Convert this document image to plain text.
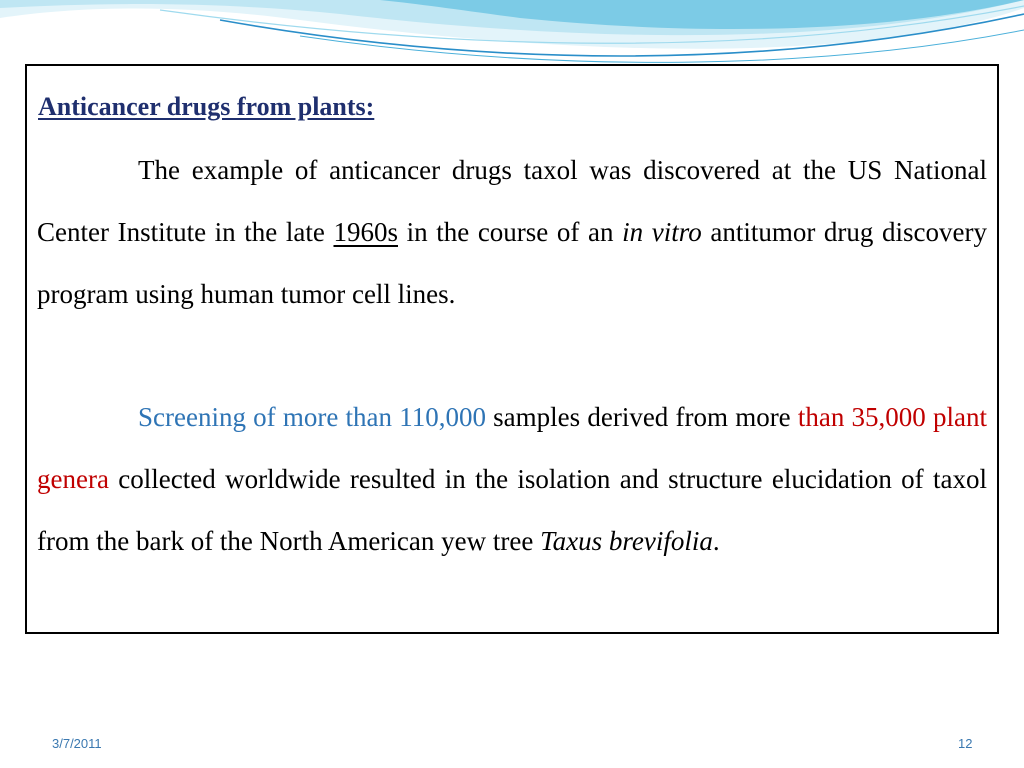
Anticancer drugs from plants:

The example of anticancer drugs taxol was discovered at the US National Center Institute in the late 1960s in the course of an in vitro antitumor drug discovery program using human tumor cell lines.

Screening of more than 110,000 samples derived from more than 35,000 plant genera collected worldwide resulted in the isolation and structure elucidation of taxol from the bark of the North American yew tree Taxus brevifolia.

3/7/2011	12
